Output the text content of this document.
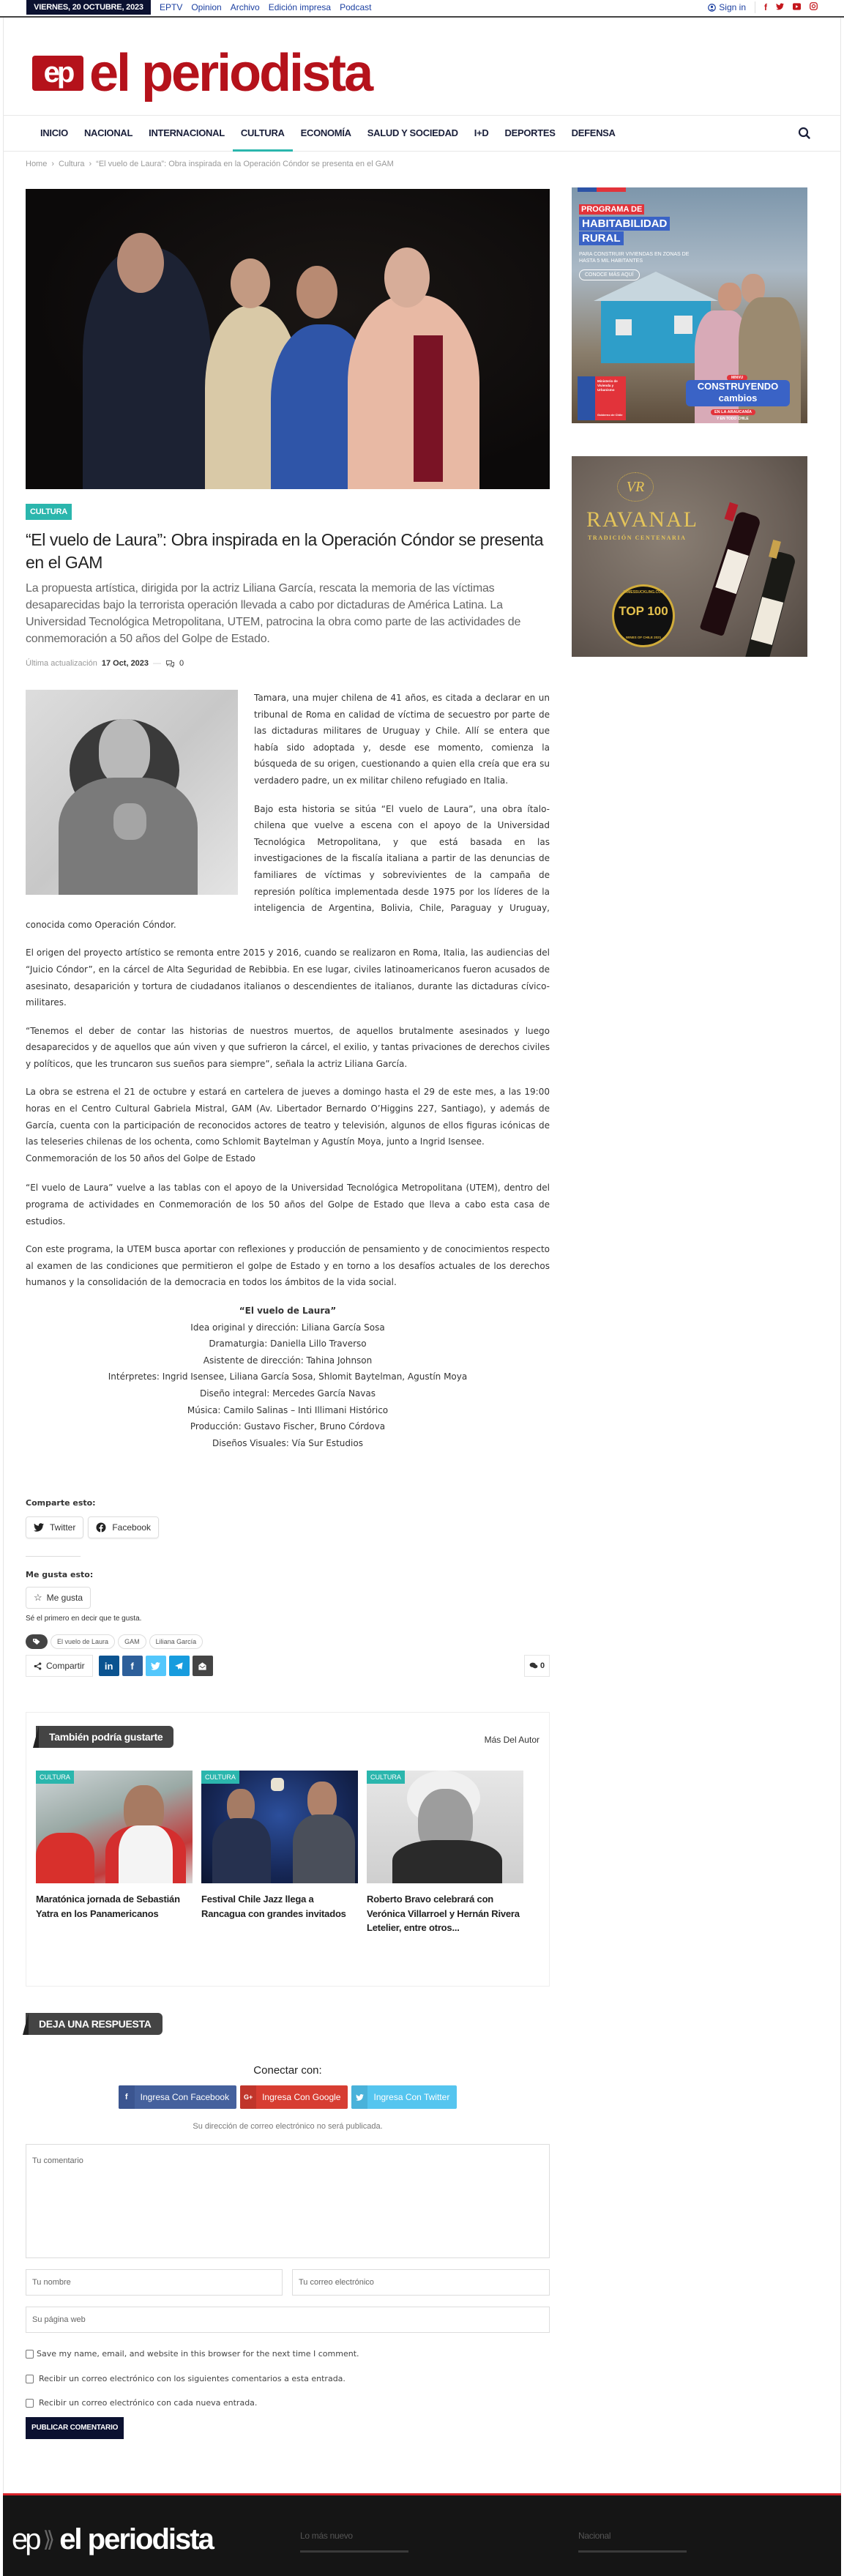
VIERNES, 20 OCTUBRE, 2023	EPTV Opinion Archivo Edición impresa Podcast	Sign in f
ep el periodista
INICIO	NACIONAL	INTERNACIONAL	CULTURA	ECONOMÍA	SALUD Y SOCIEDAD	I+D	DEPORTES	DEFENSA
Home › Cultura › “El vuelo de Laura”: Obra inspirada en la Operación Cóndor se presenta en el GAM
CULTURA
“El vuelo de Laura”: Obra inspirada en la Operación Cóndor se presenta en el GAM

La propuesta artística, dirigida por la actriz Liliana García, rescata la memoria de las víctimas desaparecidas bajo la terrorista operación llevada a cabo por dictaduras de América Latina. La Universidad Tecnológica Metropolitana, UTEM, patrocina la obra como parte de las actividades de conmemoración a 50 años del Golpe de Estado.

Última actualización 17 Oct, 2023 — 0

Tamara, una mujer chilena de 41 años, es citada a declarar en un tribunal de Roma en calidad de víctima de secuestro por parte de las dictaduras militares de Uruguay y Chile. Allí se entera que había sido adoptada y, desde ese momento, comienza la búsqueda de su origen, cuestionando a quien ella creía que era su verdadero padre, un ex militar chileno refugiado en Italia.

Bajo esta historia se sitúa “El vuelo de Laura”, una obra ítalo-chilena que vuelve a escena con el apoyo de la Universidad Tecnológica Metropolitana, y que está basada en las investigaciones de la fiscalía italiana a partir de las denuncias de familiares de víctimas y sobrevivientes de la campaña de represión política implementada desde 1975 por los líderes de la inteligencia de Argentina, Bolivia, Chile, Paraguay y Uruguay, conocida como Operación Cóndor.

El origen del proyecto artístico se remonta entre 2015 y 2016, cuando se realizaron en Roma, Italia, las audiencias del “Juicio Cóndor”, en la cárcel de Alta Seguridad de Rebibbia. En ese lugar, civiles latinoamericanos fueron acusados de asesinato, desaparición y tortura de ciudadanos italianos o descendientes de italianos, durante las dictaduras cívico-militares.

“Tenemos el deber de contar las historias de nuestros muertos, de aquellos brutalmente asesinados y luego desaparecidos y de aquellos que aún viven y que sufrieron la cárcel, el exilio, y tantas privaciones de derechos civiles y políticos, que les truncaron sus sueños para siempre”, señala la actriz Liliana García.

La obra se estrena el 21 de octubre y estará en cartelera de jueves a domingo hasta el 29 de este mes, a las 19:00 horas en el Centro Cultural Gabriela Mistral, GAM (Av. Libertador Bernardo O’Higgins 227, Santiago), y además de García, cuenta con la participación de reconocidos actores de teatro y televisión, algunos de ellos figuras icónicas de las teleseries chilenas de los ochenta, como Schlomit Baytelman y Agustín Moya, junto a Ingrid Isensee.
Conmemoración de los 50 años del Golpe de Estado

“El vuelo de Laura” vuelve a las tablas con el apoyo de la Universidad Tecnológica Metropolitana (UTEM), dentro del programa de actividades en Conmemoración de los 50 años del Golpe de Estado que lleva a cabo esta casa de estudios.

Con este programa, la UTEM busca aportar con reflexiones y producción de pensamiento y de conocimientos respecto al examen de las condiciones que permitieron el golpe de Estado y en torno a los desafíos actuales de los derechos humanos y la consolidación de la democracia en todos los ámbitos de la vida social.

“El vuelo de Laura”
Idea original y dirección: Liliana García Sosa
Dramaturgia: Daniella Lillo Traverso
Asistente de dirección: Tahina Johnson
Intérpretes: Ingrid Isensee, Liliana García Sosa, Shlomit Baytelman, Agustín Moya
Diseño integral: Mercedes García Navas
Música: Camilo Salinas – Inti Illimani Histórico
Producción: Gustavo Fischer, Bruno Córdova
Diseños Visuales: Vía Sur Estudios
Comparte esto:
Twitter	Facebook
Me gusta esto:
☆ Me gusta
Sé el primero en decir que te gusta.
El vuelo de Laura	GAM	Liliana García
Compartir	in	f	0
También podría gustarte	Más Del Autor
CULTURA
Maratónica jornada de Sebastián Yatra en los Panamericanos
CULTURA
Festival Chile Jazz llega a Rancagua con grandes invitados
CULTURA
Roberto Bravo celebrará con Verónica Villarroel y Hernán Rivera Letelier, entre otros...
DEJA UNA RESPUESTA
Conectar con:
f	Ingresa Con Facebook	G+	Ingresa Con Google	Ingresa Con Twitter
Su dirección de correo electrónico no será publicada.
Tu comentario
Tu nombre	Tu correo electrónico
Su página web
Save my name, email, and website in this browser for the next time I comment.
Recibir un correo electrónico con los siguientes comentarios a esta entrada.
Recibir un correo electrónico con cada nueva entrada.
PUBLICAR COMENTARIO
PROGRAMA DE
HABITABILIDAD
RURAL
PARA CONSTRUIR VIVIENDAS EN ZONAS DE HASTA 5 MIL HABITANTES
CONOCE MÁS AQUÍ
Ministerio de Vivienda y Urbanismo
Gobierno de Chile
MINVU
CONSTRUYENDO
cambios
EN LA ARAUCANÍA
Y EN TODO CHILE
VR
RAVANAL
TRADICIÓN CENTENARIA
JAMESSUCKLING.COM
TOP 100
WINES OF CHILE 2021
ep ⟫ el periodista	Lo más nuevo	Nacional
